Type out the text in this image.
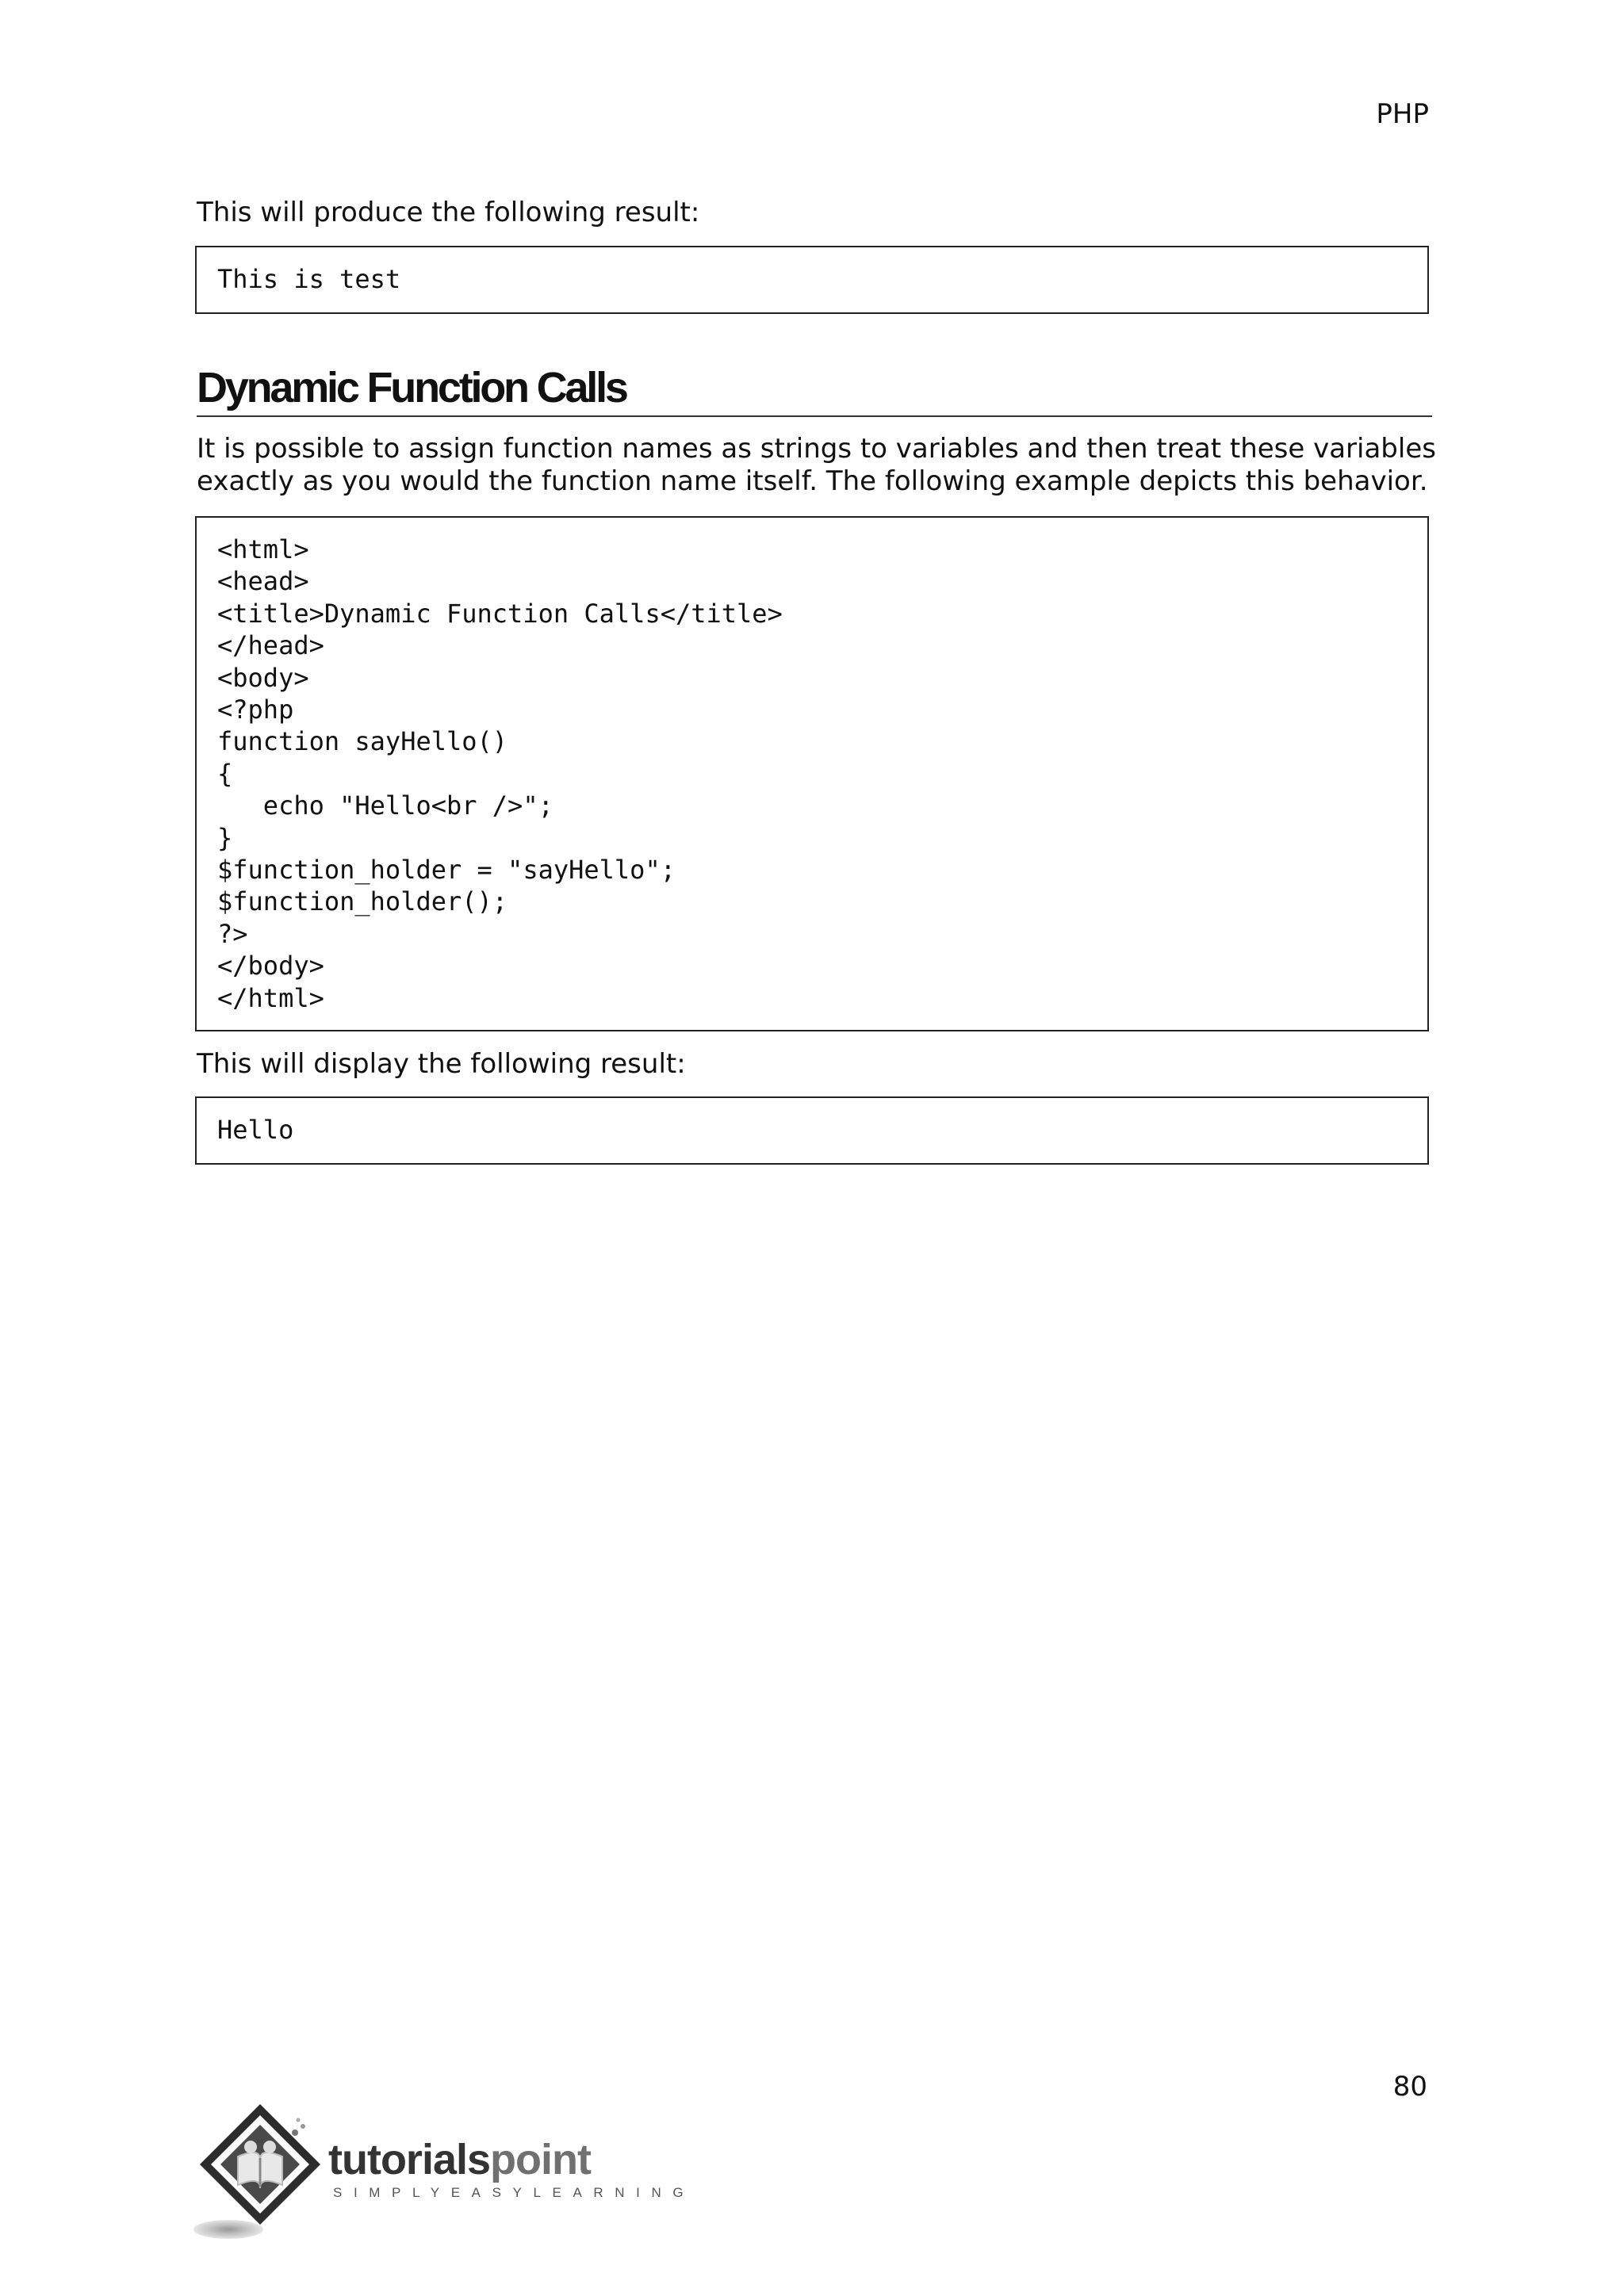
PHP
This will produce the following result:
This is test
Dynamic Function Calls
It is possible to assign function names as strings to variables and then treat these variables
exactly as you would the function name itself. The following example depicts this behavior.
<html>
<head>
<title>Dynamic Function Calls</title>
</head>
<body>
<?php
function sayHello()
{
echo "Hello<br />";
}
$function_holder = "sayHello";
$function_holder();
?>
</body>
</html>
This will display the following result:
Hello
80
tutorialspoint
SIMPLYEASYLEARNING
